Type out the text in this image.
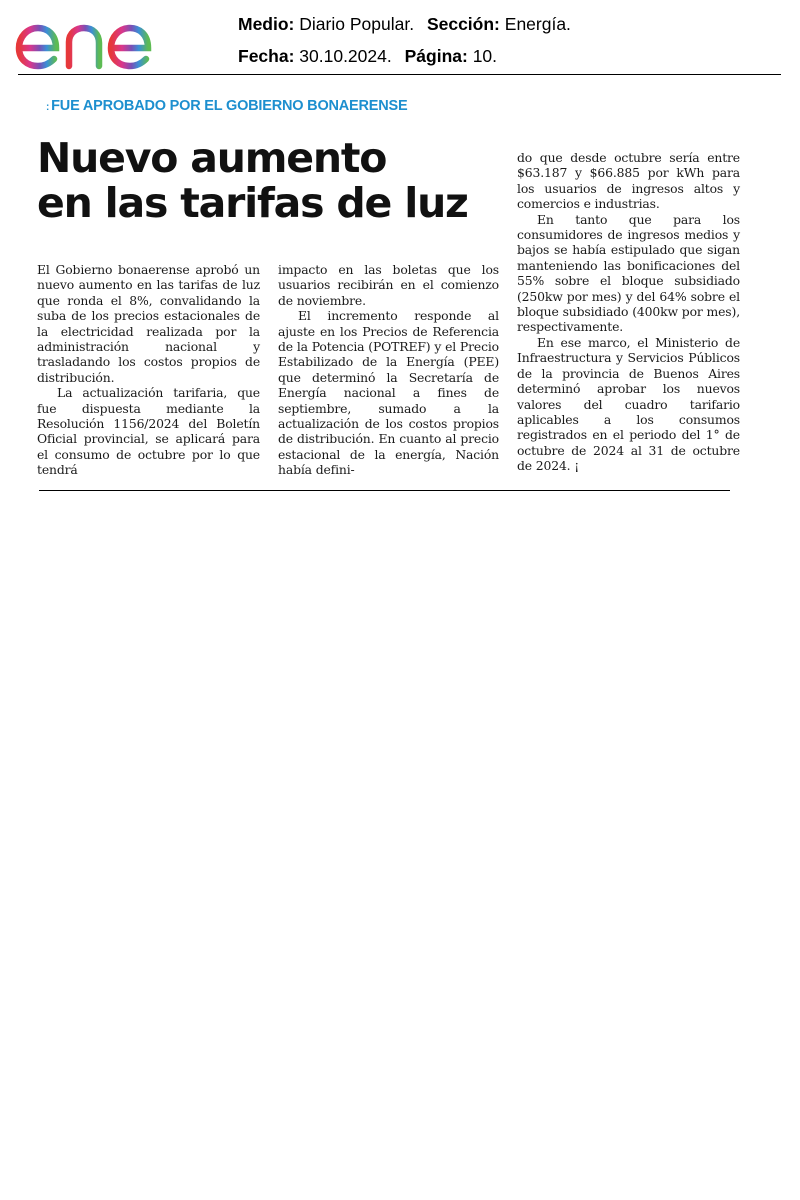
Medio: Diario Popular. Sección: Energía.
Fecha: 30.10.2024. Página: 10.
: FUE APROBADO POR EL GOBIERNO BONAERENSE
Nuevo aumento
en las tarifas de luz

El Gobierno bonaerense aprobó un nuevo aumento en las tarifas de luz que ronda el 8%, convalidando la suba de los precios estacionales de la electricidad realizada por la administración nacional y trasladando los costos propios de distribución.

La actualización tarifaria, que fue dispuesta mediante la Resolución 1156/2024 del Boletín Oficial provincial, se aplicará para el consumo de octubre por lo que tendrá

impacto en las boletas que los usuarios recibirán en el comienzo de noviembre.

El incremento responde al ajuste en los Precios de Referencia de la Potencia (POTREF) y el Precio Estabilizado de la Energía (PEE) que determinó la Secretaría de Energía nacional a fines de septiembre, sumado a la actualización de los costos propios de distribución. En cuanto al precio estacional de la energía, Nación había defini-

do que desde octubre sería entre $63.187 y $66.885 por kWh para los usuarios de ingresos altos y comercios e industrias.

En tanto que para los consumidores de ingresos medios y bajos se había estipulado que sigan manteniendo las bonificaciones del 55% sobre el bloque subsidiado (250kw por mes) y del 64% sobre el bloque subsidiado (400kw por mes), respectivamente.

En ese marco, el Ministerio de Infraestructura y Servicios Públicos de la provincia de Buenos Aires determinó aprobar los nuevos valores del cuadro tarifario aplicables a los consumos registrados en el periodo del 1° de octubre de 2024 al 31 de octubre de 2024. ¡
